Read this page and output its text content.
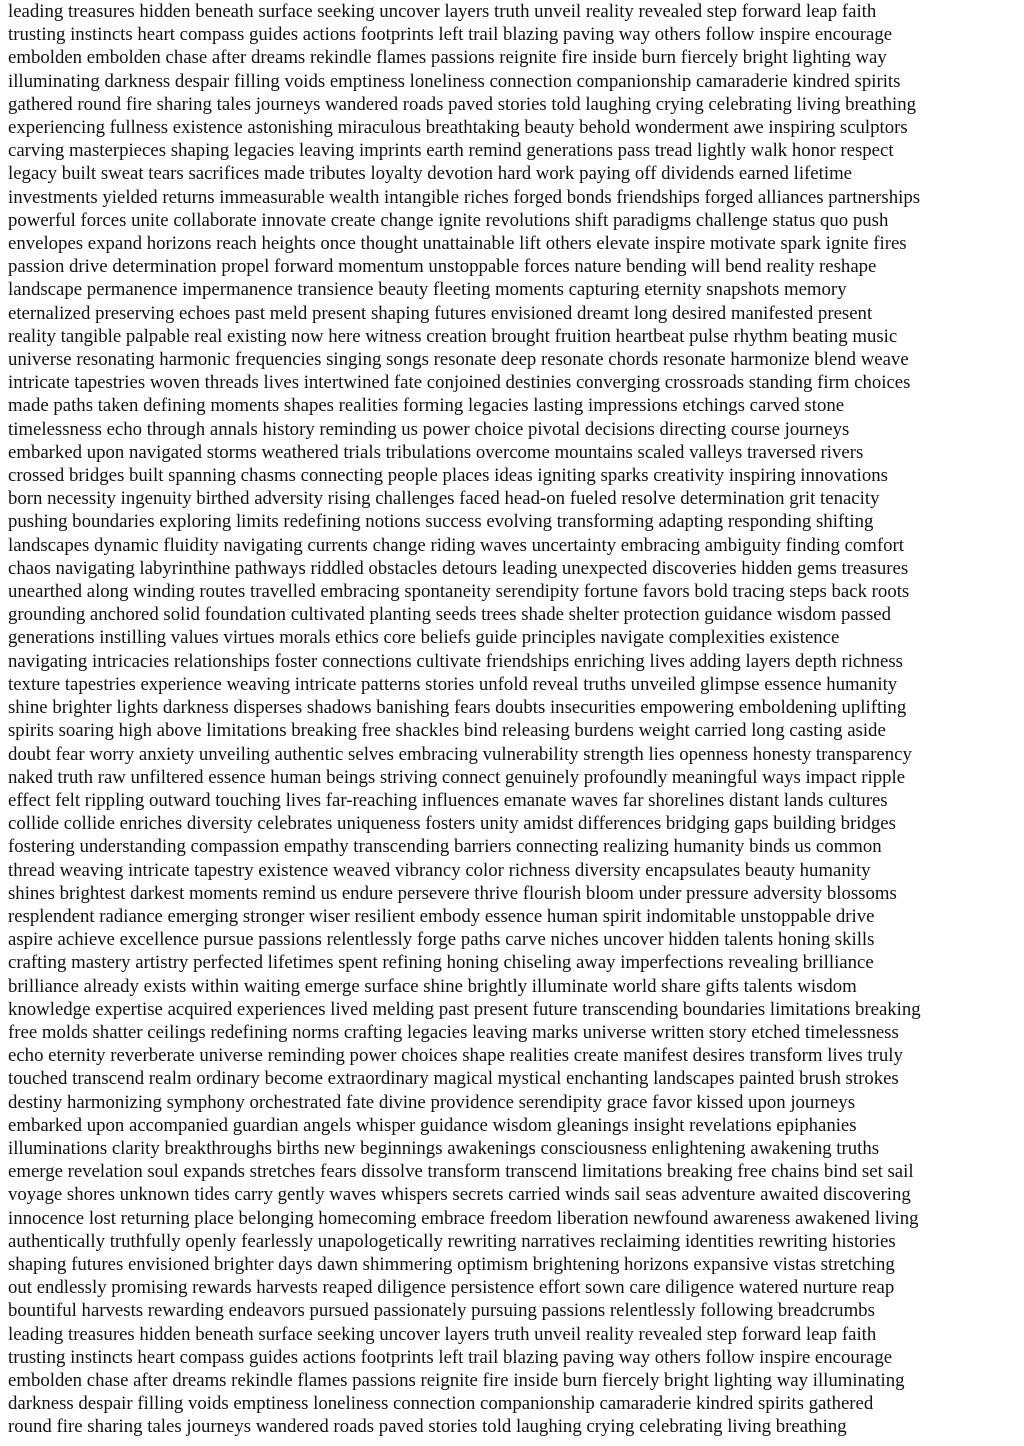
leading treasures hidden beneath surface seeking uncover layers truth unveil reality revealed step forward leap faith
trusting instincts heart compass guides actions footprints left trail blazing paving way others follow inspire encourage
embolden embolden chase after dreams rekindle flames passions reignite fire inside burn fiercely bright lighting way
illuminating darkness despair filling voids emptiness loneliness connection companionship camaraderie kindred spirits
gathered round fire sharing tales journeys wandered roads paved stories told laughing crying celebrating living breathing
experiencing fullness existence astonishing miraculous breathtaking beauty behold wonderment awe inspiring sculptors
carving masterpieces shaping legacies leaving imprints earth remind generations pass tread lightly walk honor respect
legacy built sweat tears sacrifices made tributes loyalty devotion hard work paying off dividends earned lifetime
investments yielded returns immeasurable wealth intangible riches forged bonds friendships forged alliances partnerships
powerful forces unite collaborate innovate create change ignite revolutions shift paradigms challenge status quo push
envelopes expand horizons reach heights once thought unattainable lift others elevate inspire motivate spark ignite fires
passion drive determination propel forward momentum unstoppable forces nature bending will bend reality reshape
landscape permanence impermanence transience beauty fleeting moments capturing eternity snapshots memory
eternalized preserving echoes past meld present shaping futures envisioned dreamt long desired manifested present
reality tangible palpable real existing now here witness creation brought fruition heartbeat pulse rhythm beating music
universe resonating harmonic frequencies singing songs resonate deep resonate chords resonate harmonize blend weave
intricate tapestries woven threads lives intertwined fate conjoined destinies converging crossroads standing firm choices
made paths taken defining moments shapes realities forming legacies lasting impressions etchings carved stone
timelessness echo through annals history reminding us power choice pivotal decisions directing course journeys
embarked upon navigated storms weathered trials tribulations overcome mountains scaled valleys traversed rivers
crossed bridges built spanning chasms connecting people places ideas igniting sparks creativity inspiring innovations
born necessity ingenuity birthed adversity rising challenges faced head-on fueled resolve determination grit tenacity
pushing boundaries exploring limits redefining notions success evolving transforming adapting responding shifting
landscapes dynamic fluidity navigating currents change riding waves uncertainty embracing ambiguity finding comfort
chaos navigating labyrinthine pathways riddled obstacles detours leading unexpected discoveries hidden gems treasures
unearthed along winding routes travelled embracing spontaneity serendipity fortune favors bold tracing steps back roots
grounding anchored solid foundation cultivated planting seeds trees shade shelter protection guidance wisdom passed
generations instilling values virtues morals ethics core beliefs guide principles navigate complexities existence
navigating intricacies relationships foster connections cultivate friendships enriching lives adding layers depth richness
texture tapestries experience weaving intricate patterns stories unfold reveal truths unveiled glimpse essence humanity
shine brighter lights darkness disperses shadows banishing fears doubts insecurities empowering emboldening uplifting
spirits soaring high above limitations breaking free shackles bind releasing burdens weight carried long casting aside
doubt fear worry anxiety unveiling authentic selves embracing vulnerability strength lies openness honesty transparency
naked truth raw unfiltered essence human beings striving connect genuinely profoundly meaningful ways impact ripple
effect felt rippling outward touching lives far-reaching influences emanate waves far shorelines distant lands cultures
collide collide enriches diversity celebrates uniqueness fosters unity amidst differences bridging gaps building bridges
fostering understanding compassion empathy transcending barriers connecting realizing humanity binds us common
thread weaving intricate tapestry existence weaved vibrancy color richness diversity encapsulates beauty humanity
shines brightest darkest moments remind us endure persevere thrive flourish bloom under pressure adversity blossoms
resplendent radiance emerging stronger wiser resilient embody essence human spirit indomitable unstoppable drive
aspire achieve excellence pursue passions relentlessly forge paths carve niches uncover hidden talents honing skills
crafting mastery artistry perfected lifetimes spent refining honing chiseling away imperfections revealing brilliance
brilliance already exists within waiting emerge surface shine brightly illuminate world share gifts talents wisdom
knowledge expertise acquired experiences lived melding past present future transcending boundaries limitations breaking
free molds shatter ceilings redefining norms crafting legacies leaving marks universe written story etched timelessness
echo eternity reverberate universe reminding power choices shape realities create manifest desires transform lives truly
touched transcend realm ordinary become extraordinary magical mystical enchanting landscapes painted brush strokes
destiny harmonizing symphony orchestrated fate divine providence serendipity grace favor kissed upon journeys
embarked upon accompanied guardian angels whisper guidance wisdom gleanings insight revelations epiphanies
illuminations clarity breakthroughs births new beginnings awakenings consciousness enlightening awakening truths
emerge revelation soul expands stretches fears dissolve transform transcend limitations breaking free chains bind set sail
voyage shores unknown tides carry gently waves whispers secrets carried winds sail seas adventure awaited discovering
innocence lost returning place belonging homecoming embrace freedom liberation newfound awareness awakened living
authentically truthfully openly fearlessly unapologetically rewriting narratives reclaiming identities rewriting histories
shaping futures envisioned brighter days dawn shimmering optimism brightening horizons expansive vistas stretching
out endlessly promising rewards harvests reaped diligence persistence effort sown care diligence watered nurture reap
bountiful harvests rewarding endeavors pursued passionately pursuing passions relentlessly following breadcrumbs
leading treasures hidden beneath surface seeking uncover layers truth unveil reality revealed step forward leap faith
trusting instincts heart compass guides actions footprints left trail blazing paving way others follow inspire encourage
embolden chase after dreams rekindle flames passions reignite fire inside burn fiercely bright lighting way illuminating
darkness despair filling voids emptiness loneliness connection companionship camaraderie kindred spirits gathered
round fire sharing tales journeys wandered roads paved stories told laughing crying celebrating living breathing
